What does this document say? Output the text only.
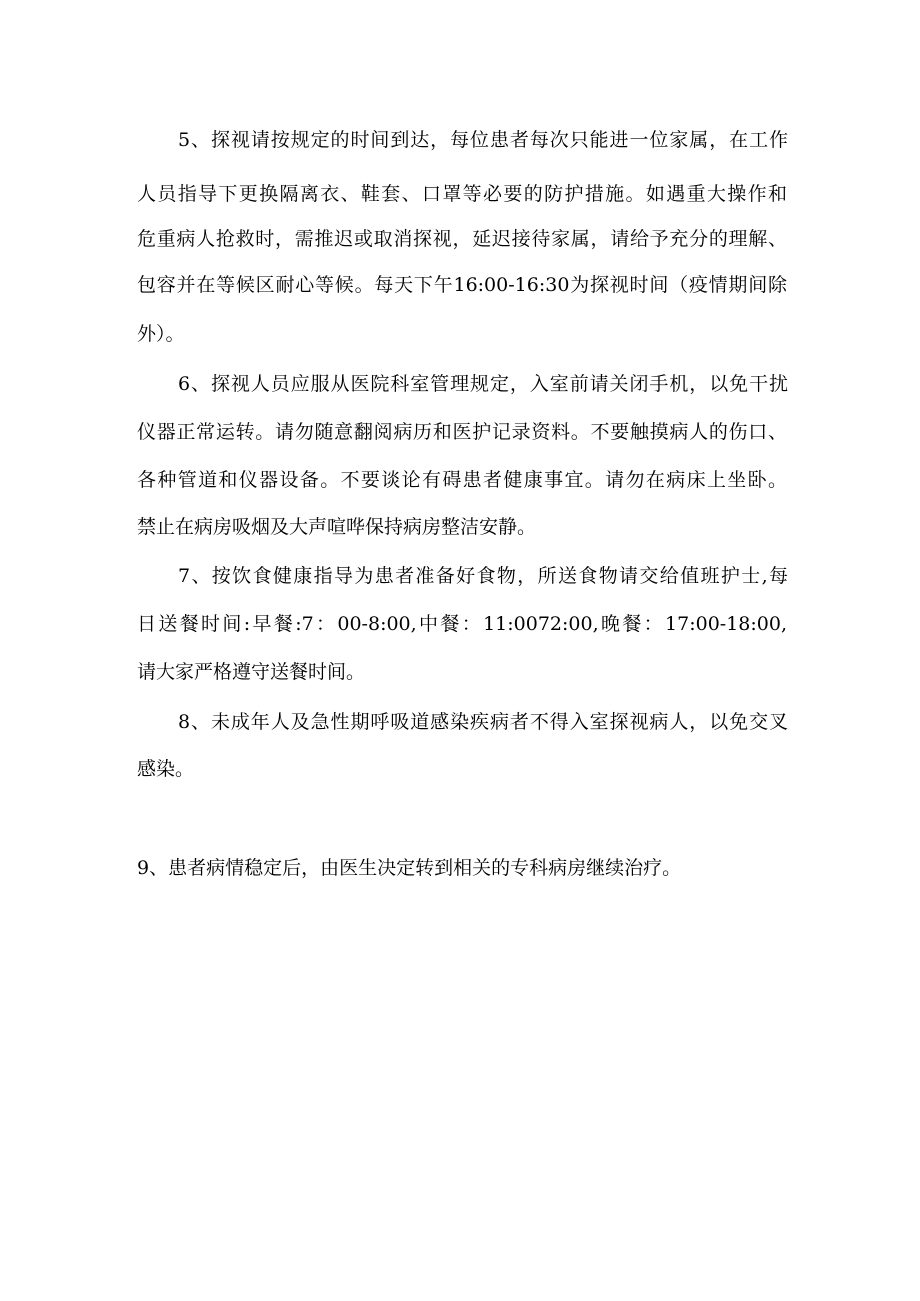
5、探视请按规定的时间到达，每位患者每次只能进一位家属，在工作
人员指导下更换隔离衣、鞋套、口罩等必要的防护措施。如遇重大操作和
危重病人抢救时，需推迟或取消探视，延迟接待家属，请给予充分的理解、
包容并在等候区耐心等候。每天下午16:00-16:30为探视时间（疫情期间除
外）。
6、探视人员应服从医院科室管理规定，入室前请关闭手机，以免干扰
仪器正常运转。请勿随意翻阅病历和医护记录资料。不要触摸病人的伤口、
各种管道和仪器设备。不要谈论有碍患者健康事宜。请勿在病床上坐卧。
禁止在病房吸烟及大声喧哗保持病房整洁安静。
7、按饮食健康指导为患者准备好食物，所送食物请交给值班护士,每
日送餐时间:早餐:7：00-8:00,中餐：11:0072:00,晚餐：17:00-18:00,
请大家严格遵守送餐时间。
8、未成年人及急性期呼吸道感染疾病者不得入室探视病人，以免交叉
感染。
9、患者病情稳定后，由医生决定转到相关的专科病房继续治疗。
